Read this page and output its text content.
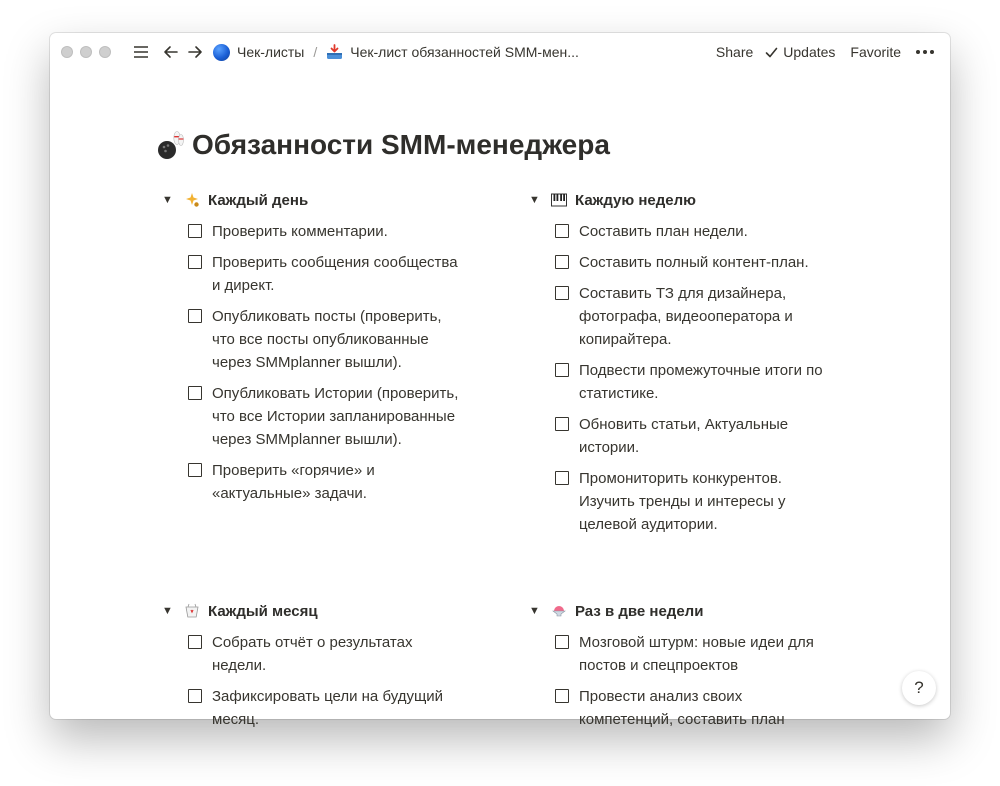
Чек-листы / Чек-лист обязанностей SMM-мен...	Share Updates Favorite
Обязанности SMM-менеджера
▼ Каждый день
Проверить комментарии.
Проверить сообщения сообщества
и директ.
Опубликовать посты (проверить,
что все посты опубликованные
через SMMplanner вышли).
Опубликовать Истории (проверить,
что все Истории запланированные
через SMMplanner вышли).
Проверить «горячие» и
«актуальные» задачи.
▼ Каждую неделю
Составить план недели.
Составить полный контент-план.
Составить ТЗ для дизайнера,
фотографа, видеооператора и
копирайтера.
Подвести промежуточные итоги по
статистике.
Обновить статьи, Актуальные
истории.
Промониторить конкурентов.
Изучить тренды и интересы у
целевой аудитории.
▼ Каждый месяц
Собрать отчёт о результатах
недели.
Зафиксировать цели на будущий
месяц.
▼ Раз в две недели
Мозговой штурм: новые идеи для
постов и спецпроектов
Провести анализ своих
компетенций, составить план
?
